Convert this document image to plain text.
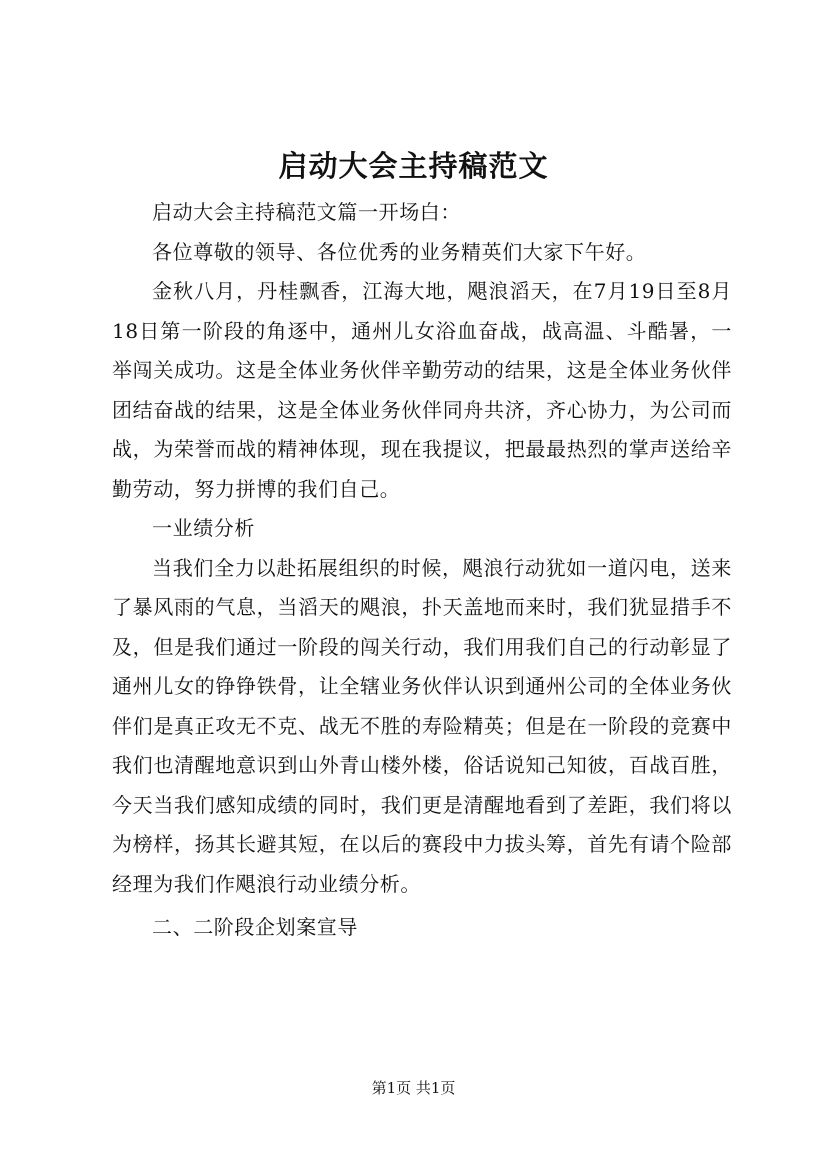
启动大会主持稿范文

启动大会主持稿范文篇一开场白：

各位尊敬的领导、各位优秀的业务精英们大家下午好。

金秋八月，丹桂飘香，江海大地，飓浪滔天，在7月19日至8月18日第一阶段的角逐中，通州儿女浴血奋战，战高温、斗酷暑，一举闯关成功。这是全体业务伙伴辛勤劳动的结果，这是全体业务伙伴团结奋战的结果，这是全体业务伙伴同舟共济，齐心协力，为公司而战，为荣誉而战的精神体现，现在我提议，把最最热烈的掌声送给辛勤劳动，努力拼博的我们自己。

一业绩分析

当我们全力以赴拓展组织的时候，飓浪行动犹如一道闪电，送来了暴风雨的气息，当滔天的飓浪，扑天盖地而来时，我们犹显措手不及，但是我们通过一阶段的闯关行动，我们用我们自己的行动彰显了通州儿女的铮铮铁骨，让全辖业务伙伴认识到通州公司的全体业务伙伴们是真正攻无不克、战无不胜的寿险精英；但是在一阶段的竞赛中我们也清醒地意识到山外青山楼外楼，俗话说知己知彼，百战百胜，今天当我们感知成绩的同时，我们更是清醒地看到了差距，我们将以为榜样，扬其长避其短，在以后的赛段中力拔头筹，首先有请个险部经理为我们作飓浪行动业绩分析。

二、二阶段企划案宣导

第1页 共1页
